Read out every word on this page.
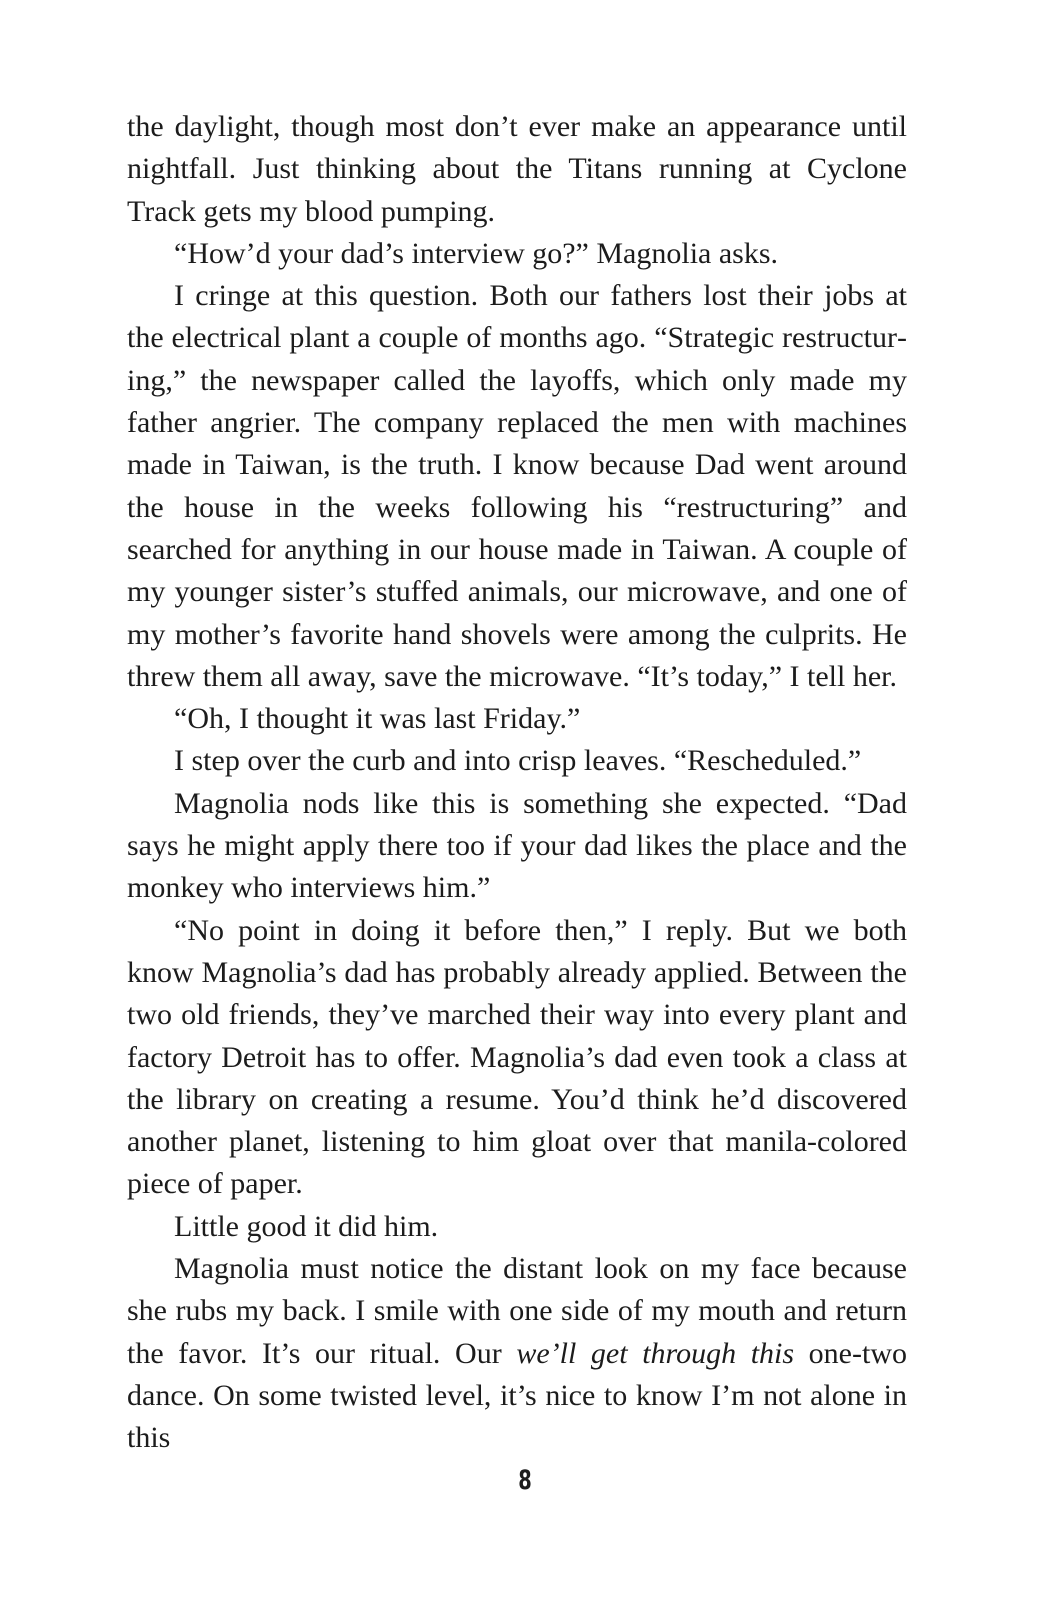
the daylight, though most don’t ever make an appearance until nightfall. Just thinking about the Titans running at Cyclone Track gets my blood pumping.

“How’d your dad’s interview go?” Magnolia asks.

I cringe at this question. Both our fathers lost their jobs at the electrical plant a couple of months ago. “Strategic restructuring,” the newspaper called the layoffs, which only made my father angrier. The company replaced the men with machines made in Taiwan, is the truth. I know because Dad went around the house in the weeks following his “restructuring” and searched for anything in our house made in Taiwan. A couple of my younger sister’s stuffed animals, our microwave, and one of my mother’s favorite hand shovels were among the culprits. He threw them all away, save the microwave. “It’s today,” I tell her.

“Oh, I thought it was last Friday.”

I step over the curb and into crisp leaves. “Rescheduled.”

Magnolia nods like this is something she expected. “Dad says he might apply there too if your dad likes the place and the monkey who interviews him.”

“No point in doing it before then,” I reply. But we both know Magnolia’s dad has probably already applied. Between the two old friends, they’ve marched their way into every plant and factory Detroit has to offer. Magnolia’s dad even took a class at the library on creating a resume. You’d think he’d discovered another planet, listening to him gloat over that manila-colored piece of paper.

Little good it did him.

Magnolia must notice the distant look on my face because she rubs my back. I smile with one side of my mouth and return the favor. It’s our ritual. Our we’ll get through this one-two dance. On some twisted level, it’s nice to know I’m not alone in this

8
